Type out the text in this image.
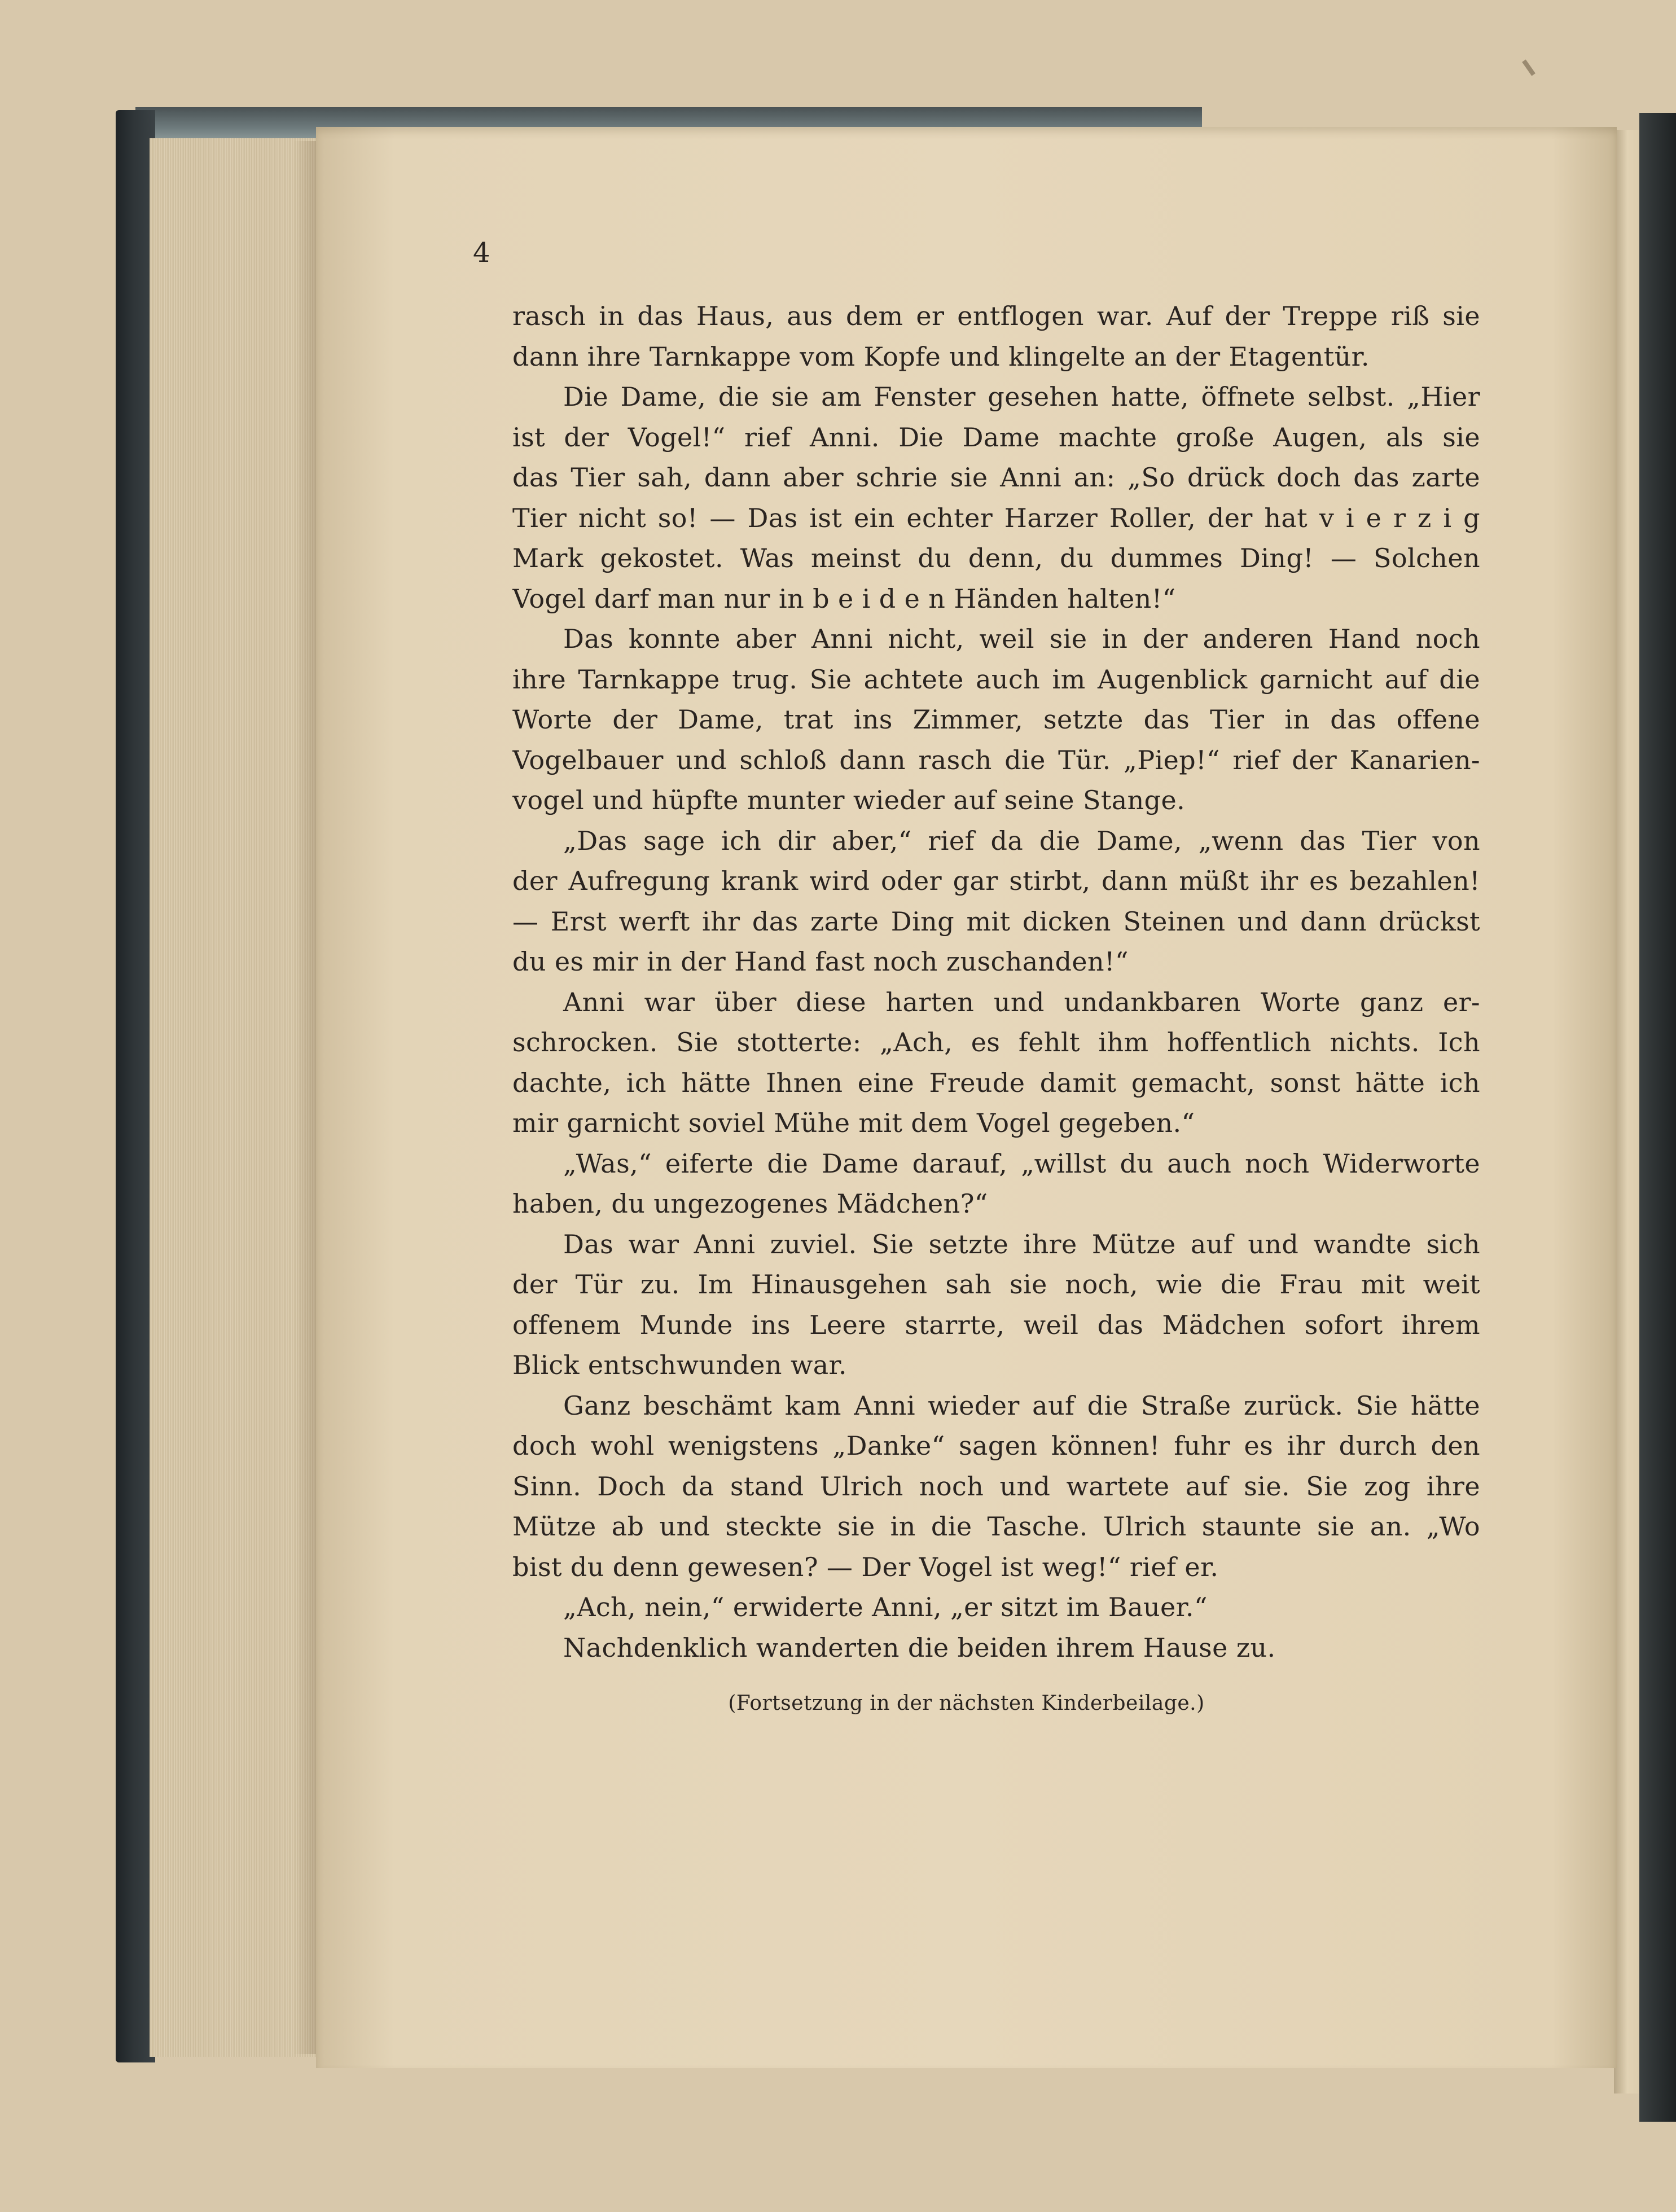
4
rasch in das Haus, aus dem er entflogen war. Auf der Treppe riß sie
dann ihre Tarnkappe vom Kopfe und klingelte an der Etagentür.
Die Dame, die sie am Fenster gesehen hatte, öffnete selbst. „Hier
ist der Vogel!“ rief Anni. Die Dame machte große Augen, als sie
das Tier sah, dann aber schrie sie Anni an: „So drück doch das zarte
Tier nicht so! — Das ist ein echter Harzer Roller, der hat v i e r z i g
Mark gekostet. Was meinst du denn, du dummes Ding! — Solchen
Vogel darf man nur in b e i d e n Händen halten!“
Das konnte aber Anni nicht, weil sie in der anderen Hand noch
ihre Tarnkappe trug. Sie achtete auch im Augenblick garnicht auf die
Worte der Dame, trat ins Zimmer, setzte das Tier in das offene
Vogelbauer und schloß dann rasch die Tür. „Piep!“ rief der Kanarien-
vogel und hüpfte munter wieder auf seine Stange.
„Das sage ich dir aber,“ rief da die Dame, „wenn das Tier von
der Aufregung krank wird oder gar stirbt, dann müßt ihr es bezahlen!
— Erst werft ihr das zarte Ding mit dicken Steinen und dann drückst
du es mir in der Hand fast noch zuschanden!“
Anni war über diese harten und undankbaren Worte ganz er-
schrocken. Sie stotterte: „Ach, es fehlt ihm hoffentlich nichts. Ich
dachte, ich hätte Ihnen eine Freude damit gemacht, sonst hätte ich
mir garnicht soviel Mühe mit dem Vogel gegeben.“
„Was,“ eiferte die Dame darauf, „willst du auch noch Widerworte
haben, du ungezogenes Mädchen?“
Das war Anni zuviel. Sie setzte ihre Mütze auf und wandte sich
der Tür zu. Im Hinausgehen sah sie noch, wie die Frau mit weit
offenem Munde ins Leere starrte, weil das Mädchen sofort ihrem
Blick entschwunden war.
Ganz beschämt kam Anni wieder auf die Straße zurück. Sie hätte
doch wohl wenigstens „Danke“ sagen können! fuhr es ihr durch den
Sinn. Doch da stand Ulrich noch und wartete auf sie. Sie zog ihre
Mütze ab und steckte sie in die Tasche. Ulrich staunte sie an. „Wo
bist du denn gewesen? — Der Vogel ist weg!“ rief er.
„Ach, nein,“ erwiderte Anni, „er sitzt im Bauer.“
Nachdenklich wanderten die beiden ihrem Hause zu.
(Fortsetzung in der nächsten Kinderbeilage.)
